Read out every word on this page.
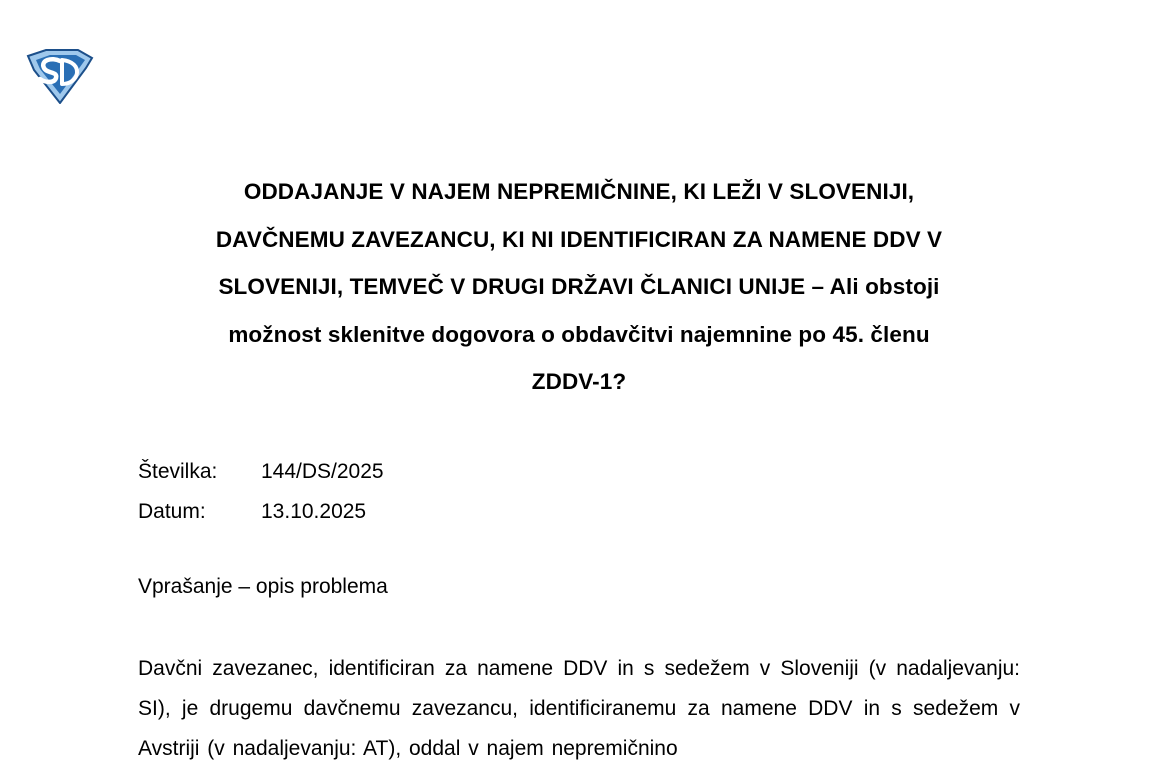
ODDAJANJE V NAJEM NEPREMIČNINE, KI LEŽI V SLOVENIJI,
DAVČNEMU ZAVEZANCU, KI NI IDENTIFICIRAN ZA NAMENE DDV V
SLOVENIJI, TEMVEČ V DRUGI DRŽAVI ČLANICI UNIJE – Ali obstoji
možnost sklenitve dogovora o obdavčitvi najemnine po 45. členu
ZDDV-1?
Številka:	144/DS/2025
Datum:	13.10.2025
Vprašanje – opis problema

Davčni zavezanec, identificiran za namene DDV in s sedežem v Sloveniji (v nadaljevanju: SI), je drugemu davčnemu zavezancu, identificiranemu za namene DDV in s sedežem v Avstriji (v nadaljevanju: AT), oddal v najem nepremičnino
